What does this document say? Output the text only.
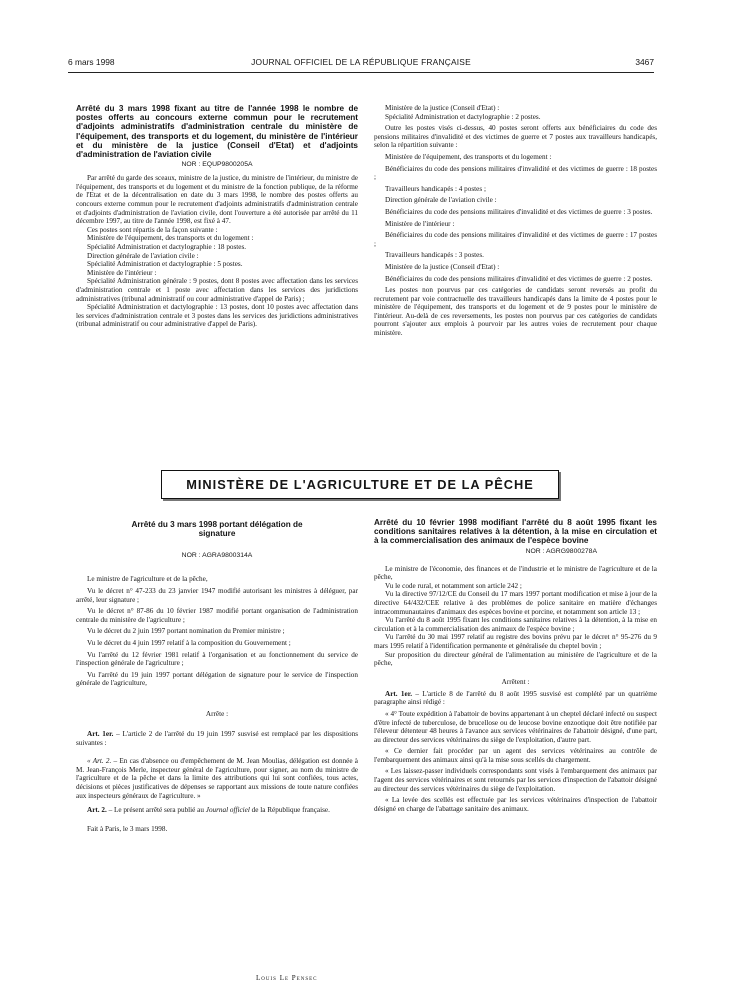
6 mars 1998	JOURNAL OFFICIEL DE LA RÉPUBLIQUE FRANÇAISE	3467

Arrêté du 3 mars 1998 fixant au titre de l'année 1998 le nombre de postes offerts au concours externe commun pour le recrutement d'adjoints administratifs d'administration centrale du ministère de l'équipement, des transports et du logement, du ministère de l'intérieur et du ministère de la justice (Conseil d'Etat) et d'adjoints d'administration de l'aviation civile

NOR : EQUP9800205A

Par arrêté du garde des sceaux, ministre de la justice, du ministre de l'intérieur, du ministre de l'équipement, des transports et du logement et du ministre de la fonction publique, de la réforme de l'Etat et de la décentralisation en date du 3 mars 1998, le nombre des postes offerts au concours externe commun pour le recrutement d'adjoints administratifs d'administration centrale et d'adjoints d'administration de l'aviation civile, dont l'ouverture a été autorisée par arrêté du 11 décembre 1997, au titre de l'année 1998, est fixé à 47.

Ces postes sont répartis de la façon suivante :

Ministère de l'équipement, des transports et du logement :

Spécialité Administration et dactylographie : 18 postes.

Direction générale de l'aviation civile :

Spécialité Administration et dactylographie : 5 postes.

Ministère de l'intérieur :

Spécialité Administration générale : 9 postes, dont 8 postes avec affectation dans les services d'administration centrale et 1 poste avec affectation dans les services des juridictions administratives (tribunal administratif ou cour administrative d'appel de Paris) ;

Spécialité Administration et dactylographie : 13 postes, dont 10 postes avec affectation dans les services d'administration centrale et 3 postes dans les services des juridictions administratives (tribunal administratif ou cour administrative d'appel de Paris).

Ministère de la justice (Conseil d'Etat) :

Spécialité Administration et dactylographie : 2 postes.

Outre les postes visés ci-dessus, 40 postes seront offerts aux bénéficiaires du code des pensions militaires d'invalidité et des victimes de guerre et 7 postes aux travailleurs handicapés, selon la répartition suivante :

Ministère de l'équipement, des transports et du logement :

Bénéficiaires du code des pensions militaires d'invalidité et des victimes de guerre : 18 postes ;

Travailleurs handicapés : 4 postes ;

Direction générale de l'aviation civile :

Bénéficiaires du code des pensions militaires d'invalidité et des victimes de guerre : 3 postes.

Ministère de l'intérieur :

Bénéficiaires du code des pensions militaires d'invalidité et des victimes de guerre : 17 postes ;

Travailleurs handicapés : 3 postes.

Ministère de la justice (Conseil d'Etat) :

Bénéficiaires du code des pensions militaires d'invalidité et des victimes de guerre : 2 postes.

Les postes non pourvus par ces catégories de candidats seront reversés au profit du recrutement par voie contractuelle des travailleurs handicapés dans la limite de 4 postes pour le ministère de l'équipement, des transports et du logement et de 9 postes pour le ministère de l'intérieur. Au-delà de ces reversements, les postes non pourvus par ces catégories de candidats pourront s'ajouter aux emplois à pourvoir par les autres voies de recrutement pour chaque ministère.

MINISTÈRE DE L'AGRICULTURE ET DE LA PÊCHE

Arrêté du 3 mars 1998 portant délégation de signature

NOR : AGRA9800314A

Le ministre de l'agriculture et de la pêche,

Vu le décret n° 47-233 du 23 janvier 1947 modifié autorisant les ministres à déléguer, par arrêté, leur signature ;

Vu le décret n° 87-86 du 10 février 1987 modifié portant organisation de l'administration centrale du ministère de l'agriculture ;

Vu le décret du 2 juin 1997 portant nomination du Premier ministre ;

Vu le décret du 4 juin 1997 relatif à la composition du Gouvernement ;

Vu l'arrêté du 12 février 1981 relatif à l'organisation et au fonctionnement du service de l'inspection générale de l'agriculture ;

Vu l'arrêté du 19 juin 1997 portant délégation de signature pour le service de l'inspection générale de l'agriculture,

Arrête :

Art. 1er. – L'article 2 de l'arrêté du 19 juin 1997 susvisé est remplacé par les dispositions suivantes :

« Art. 2. – En cas d'absence ou d'empêchement de M. Jean Moulias, délégation est donnée à M. Jean-François Merle, inspecteur général de l'agriculture, pour signer, au nom du ministre de l'agriculture et de la pêche et dans la limite des attributions qui lui sont confiées, tous actes, décisions et pièces justificatives de dépenses se rapportant aux missions de toute nature confiées aux inspecteurs généraux de l'agriculture. »

Art. 2. – Le présent arrêté sera publié au Journal officiel de la République française.

Fait à Paris, le 3 mars 1998.

Louis Le Pensec

Arrêté du 10 février 1998 modifiant l'arrêté du 8 août 1995 fixant les conditions sanitaires relatives à la détention, à la mise en circulation et à la commercialisation des animaux de l'espèce bovine

NOR : AGRG9800278A

Le ministre de l'économie, des finances et de l'industrie et le ministre de l'agriculture et de la pêche,

Vu le code rural, et notamment son article 242 ;

Vu la directive 97/12/CE du Conseil du 17 mars 1997 portant modification et mise à jour de la directive 64/432/CEE relative à des problèmes de police sanitaire en matière d'échanges intracommunautaires d'animaux des espèces bovine et porcine, et notamment son article 13 ;

Vu l'arrêté du 8 août 1995 fixant les conditions sanitaires relatives à la détention, à la mise en circulation et à la commercialisation des animaux de l'espèce bovine ;

Vu l'arrêté du 30 mai 1997 relatif au registre des bovins prévu par le décret n° 95-276 du 9 mars 1995 relatif à l'identification permanente et généralisée du cheptel bovin ;

Sur proposition du directeur général de l'alimentation au ministère de l'agriculture et de la pêche,

Arrêtent :

Art. 1er. – L'article 8 de l'arrêté du 8 août 1995 susvisé est complété par un quatrième paragraphe ainsi rédigé :

« 4° Toute expédition à l'abattoir de bovins appartenant à un cheptel déclaré infecté ou suspect d'être infecté de tuberculose, de brucellose ou de leucose bovine enzootique doit être notifiée par l'éleveur détenteur 48 heures à l'avance aux services vétérinaires de l'abattoir désigné, d'une part, au directeur des services vétérinaires du siège de l'exploitation, d'autre part.

« Ce dernier fait procéder par un agent des services vétérinaires au contrôle de l'embarquement des animaux ainsi qu'à la mise sous scellés du chargement.

« Les laissez-passer individuels correspondants sont visés à l'embarquement des animaux par l'agent des services vétérinaires et sont retournés par les services d'inspection de l'abattoir désigné au directeur des services vétérinaires du siège de l'exploitation.

« La levée des scellés est effectuée par les services vétérinaires d'inspection de l'abattoir désigné en charge de l'abattage sanitaire des animaux.
